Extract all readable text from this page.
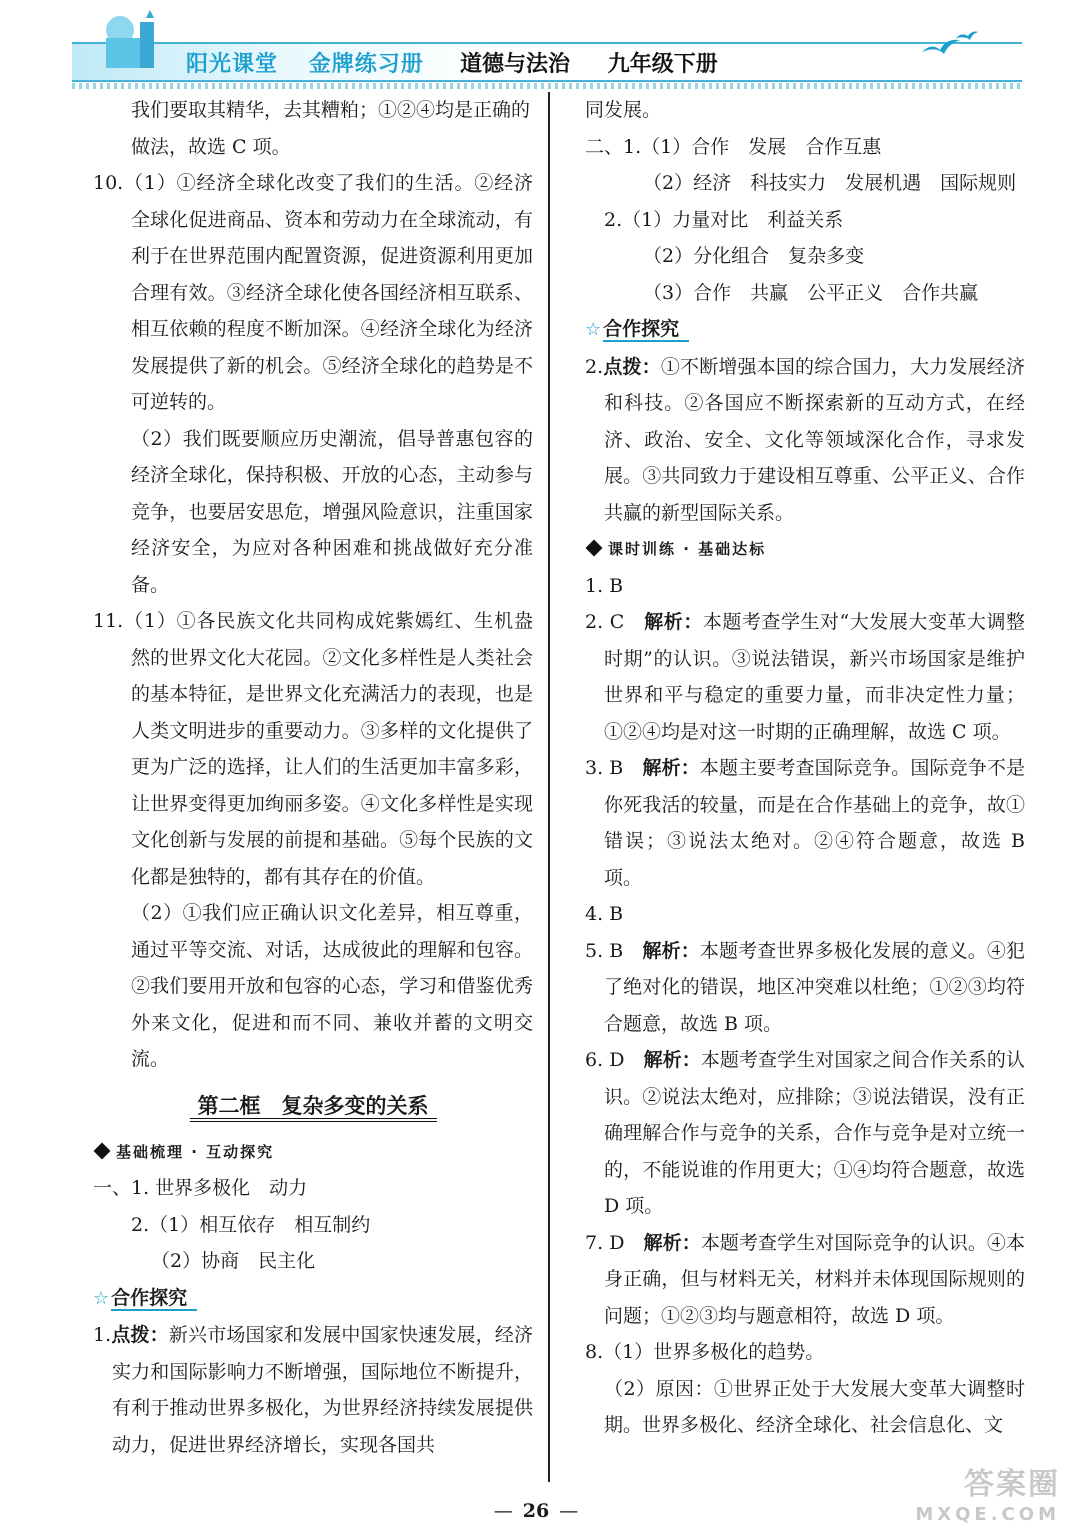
阳光课堂 金牌练习册	道德与法治 九年级下册

我们要取其精华，去其糟粕；①②④均是正确的

做法，故选 C 项。

10.（1）①经济全球化改变了我们的生活。②经济全球化促进商品、资本和劳动力在全球流动，有利于在世界范围内配置资源，促进资源利用更加合理有效。③经济全球化使各国经济相互联系、相互依赖的程度不断加深。④经济全球化为经济发展提供了新的机会。⑤经济全球化的趋势是不可逆转的。

（2）我们既要顺应历史潮流，倡导普惠包容的经济全球化，保持积极、开放的心态，主动参与竞争，也要居安思危，增强风险意识，注重国家经济安全，为应对各种困难和挑战做好充分准备。

11.（1）①各民族文化共同构成姹紫嫣红、生机盎然的世界文化大花园。②文化多样性是人类社会的基本特征，是世界文化充满活力的表现，也是人类文明进步的重要动力。③多样的文化提供了更为广泛的选择，让人们的生活更加丰富多彩，让世界变得更加绚丽多姿。④文化多样性是实现文化创新与发展的前提和基础。⑤每个民族的文化都是独特的，都有其存在的价值。

（2）①我们应正确认识文化差异，相互尊重，通过平等交流、对话，达成彼此的理解和包容。②我们要用开放和包容的心态，学习和借鉴优秀外来文化，促进和而不同、兼收并蓄的文明交流。

第二框　复杂多变的关系

基础梳理 · 互动探究

一、1. 世界多极化　动力

2.（1）相互依存　相互制约

（2）协商　民主化

☆ 合作探究

1.点拨：新兴市场国家和发展中国家快速发展，经济实力和国际影响力不断增强，国际地位不断提升，有利于推动世界多极化，为世界经济持续发展提供动力，促进世界经济增长，实现各国共

同发展。

二、1.（1）合作　发展　合作互惠

（2）经济　科技实力　发展机遇　国际规则

2.（1）力量对比　利益关系

（2）分化组合　复杂多变

（3）合作　共赢　公平正义　合作共赢

☆ 合作探究

2.点拨：①不断增强本国的综合国力，大力发展经济和科技。②各国应不断探索新的互动方式，在经济、政治、安全、文化等领域深化合作，寻求发展。③共同致力于建设相互尊重、公平正义、合作共赢的新型国际关系。

课时训练 · 基础达标

1. B

2. C　解析：本题考查学生对“大发展大变革大调整时期”的认识。③说法错误，新兴市场国家是维护世界和平与稳定的重要力量，而非决定性力量；①②④均是对这一时期的正确理解，故选 C 项。

3. B　解析：本题主要考查国际竞争。国际竞争不是你死我活的较量，而是在合作基础上的竞争，故①错误；③说法太绝对。②④符合题意，故选 B 项。

4. B

5. B　解析：本题考查世界多极化发展的意义。④犯了绝对化的错误，地区冲突难以杜绝；①②③均符合题意，故选 B 项。

6. D　解析：本题考查学生对国家之间合作关系的认识。②说法太绝对，应排除；③说法错误，没有正确理解合作与竞争的关系，合作与竞争是对立统一的，不能说谁的作用更大；①④均符合题意，故选 D 项。

7. D　解析：本题考查学生对国际竞争的认识。④本身正确，但与材料无关，材料并未体现国际规则的问题；①②③均与题意相符，故选 D 项。

8.（1）世界多极化的趋势。

（2）原因：①世界正处于大发展大变革大调整时期。世界多极化、经济全球化、社会信息化、文

— 26 —
答案圈
MXQE.COM
